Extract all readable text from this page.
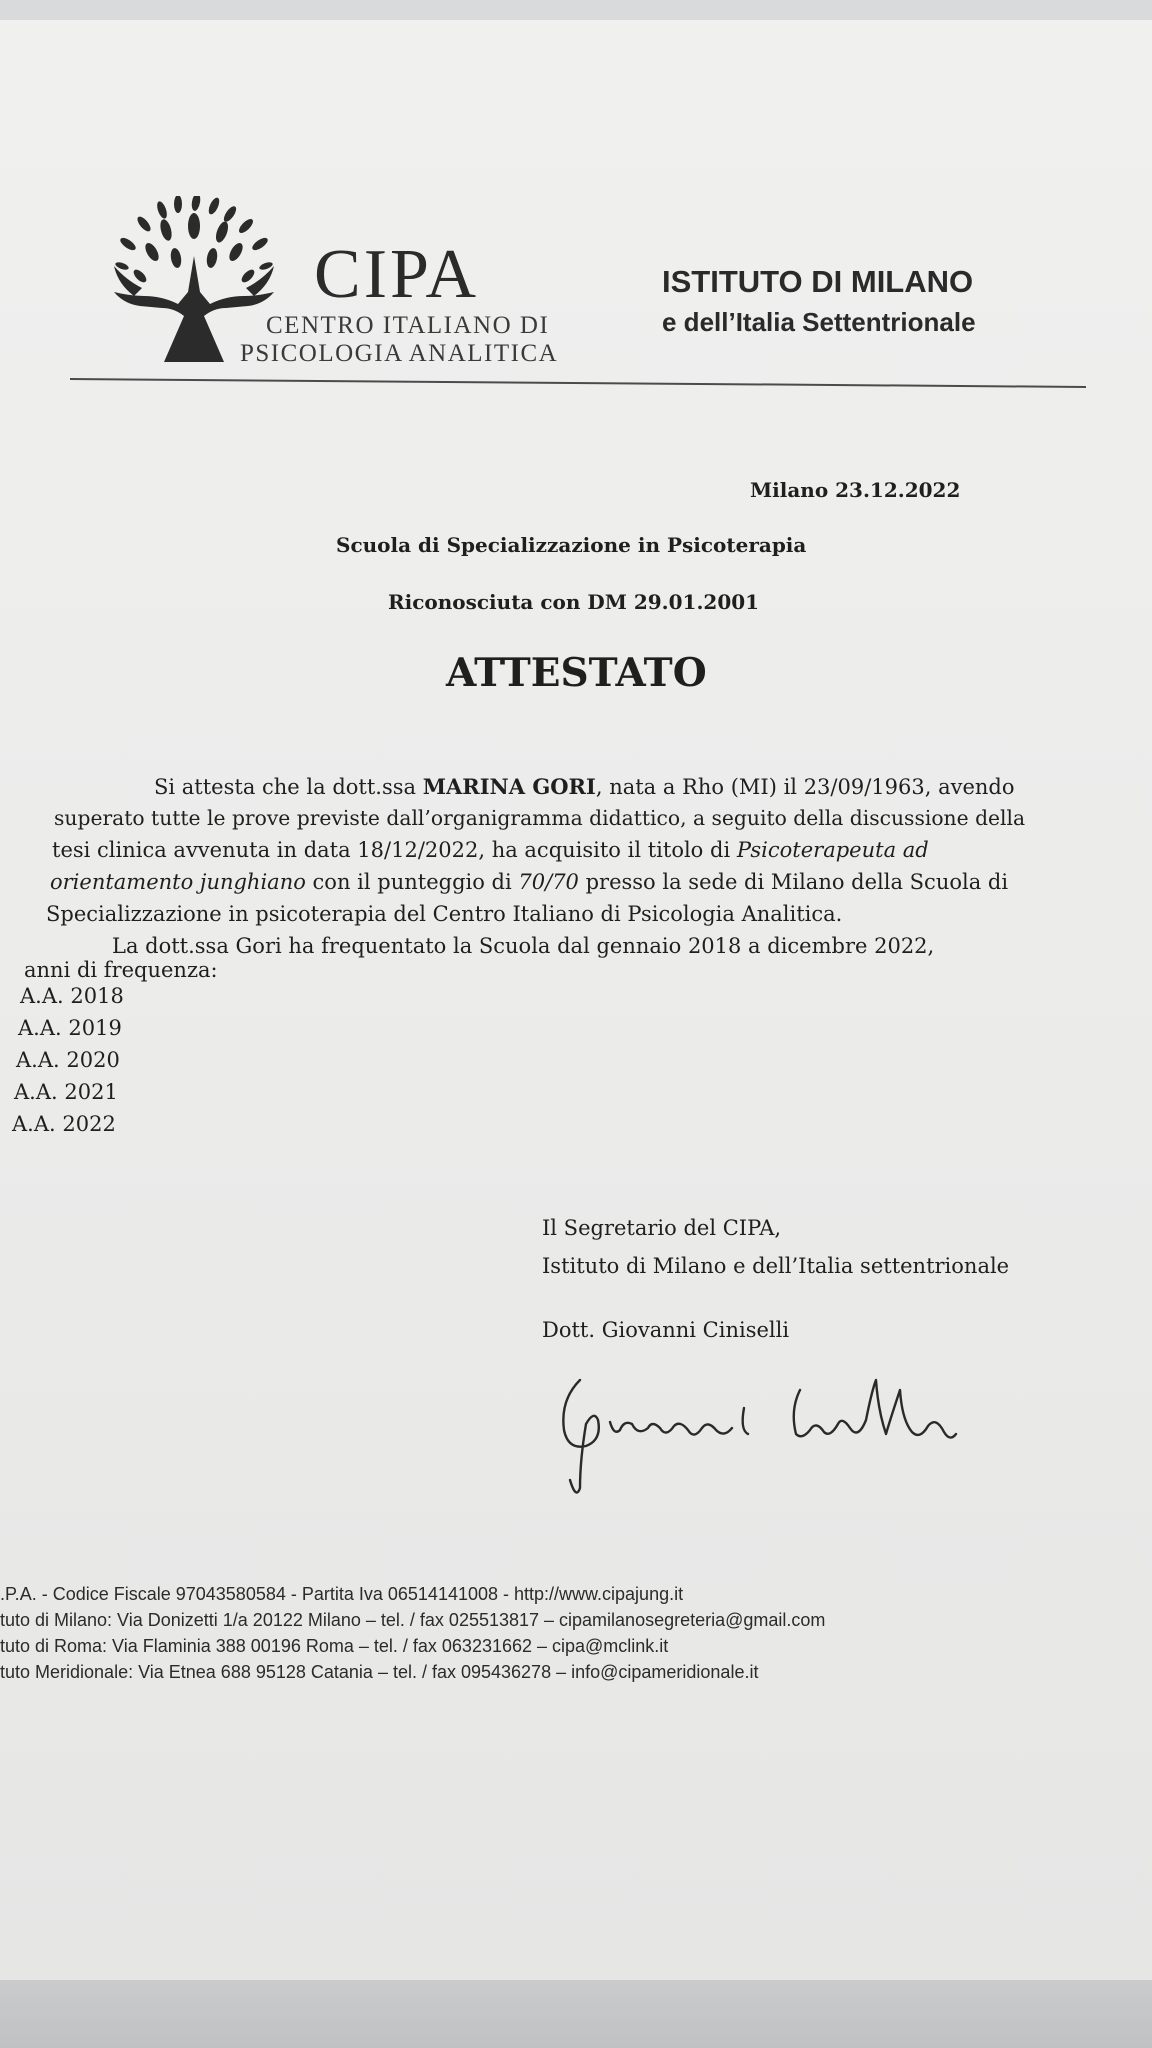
CIPA
CENTRO ITALIANO DI
PSICOLOGIA ANALITICA
ISTITUTO DI MILANO
e dell’Italia Settentrionale
Milano 23.12.2022
Scuola di Specializzazione in Psicoterapia
Riconosciuta con DM 29.01.2001
ATTESTATO
Si attesta che la dott.ssa MARINA GORI, nata a Rho (MI) il 23/09/1963, avendo
superato tutte le prove previste dall’organigramma didattico, a seguito della discussione della
tesi clinica avvenuta in data 18/12/2022, ha acquisito il titolo di Psicoterapeuta ad
orientamento junghiano con il punteggio di 70/70 presso la sede di Milano della Scuola di
Specializzazione in psicoterapia del Centro Italiano di Psicologia Analitica.
La dott.ssa Gori ha frequentato la Scuola dal gennaio 2018 a dicembre 2022,
anni di frequenza:
A.A. 2018
A.A. 2019
A.A. 2020
A.A. 2021
A.A. 2022
Il Segretario del CIPA,
Istituto di Milano e dell’Italia settentrionale
Dott. Giovanni Ciniselli
.P.A. - Codice Fiscale 97043580584 - Partita Iva 06514141008 - http://www.cipajung.it
tuto di Milano: Via Donizetti 1/a 20122 Milano – tel. / fax 025513817 – cipamilanosegreteria@gmail.com
tuto di Roma: Via Flaminia 388 00196 Roma – tel. / fax 063231662 – cipa@mclink.it
tuto Meridionale: Via Etnea 688 95128 Catania – tel. / fax 095436278 – info@cipameridionale.it
